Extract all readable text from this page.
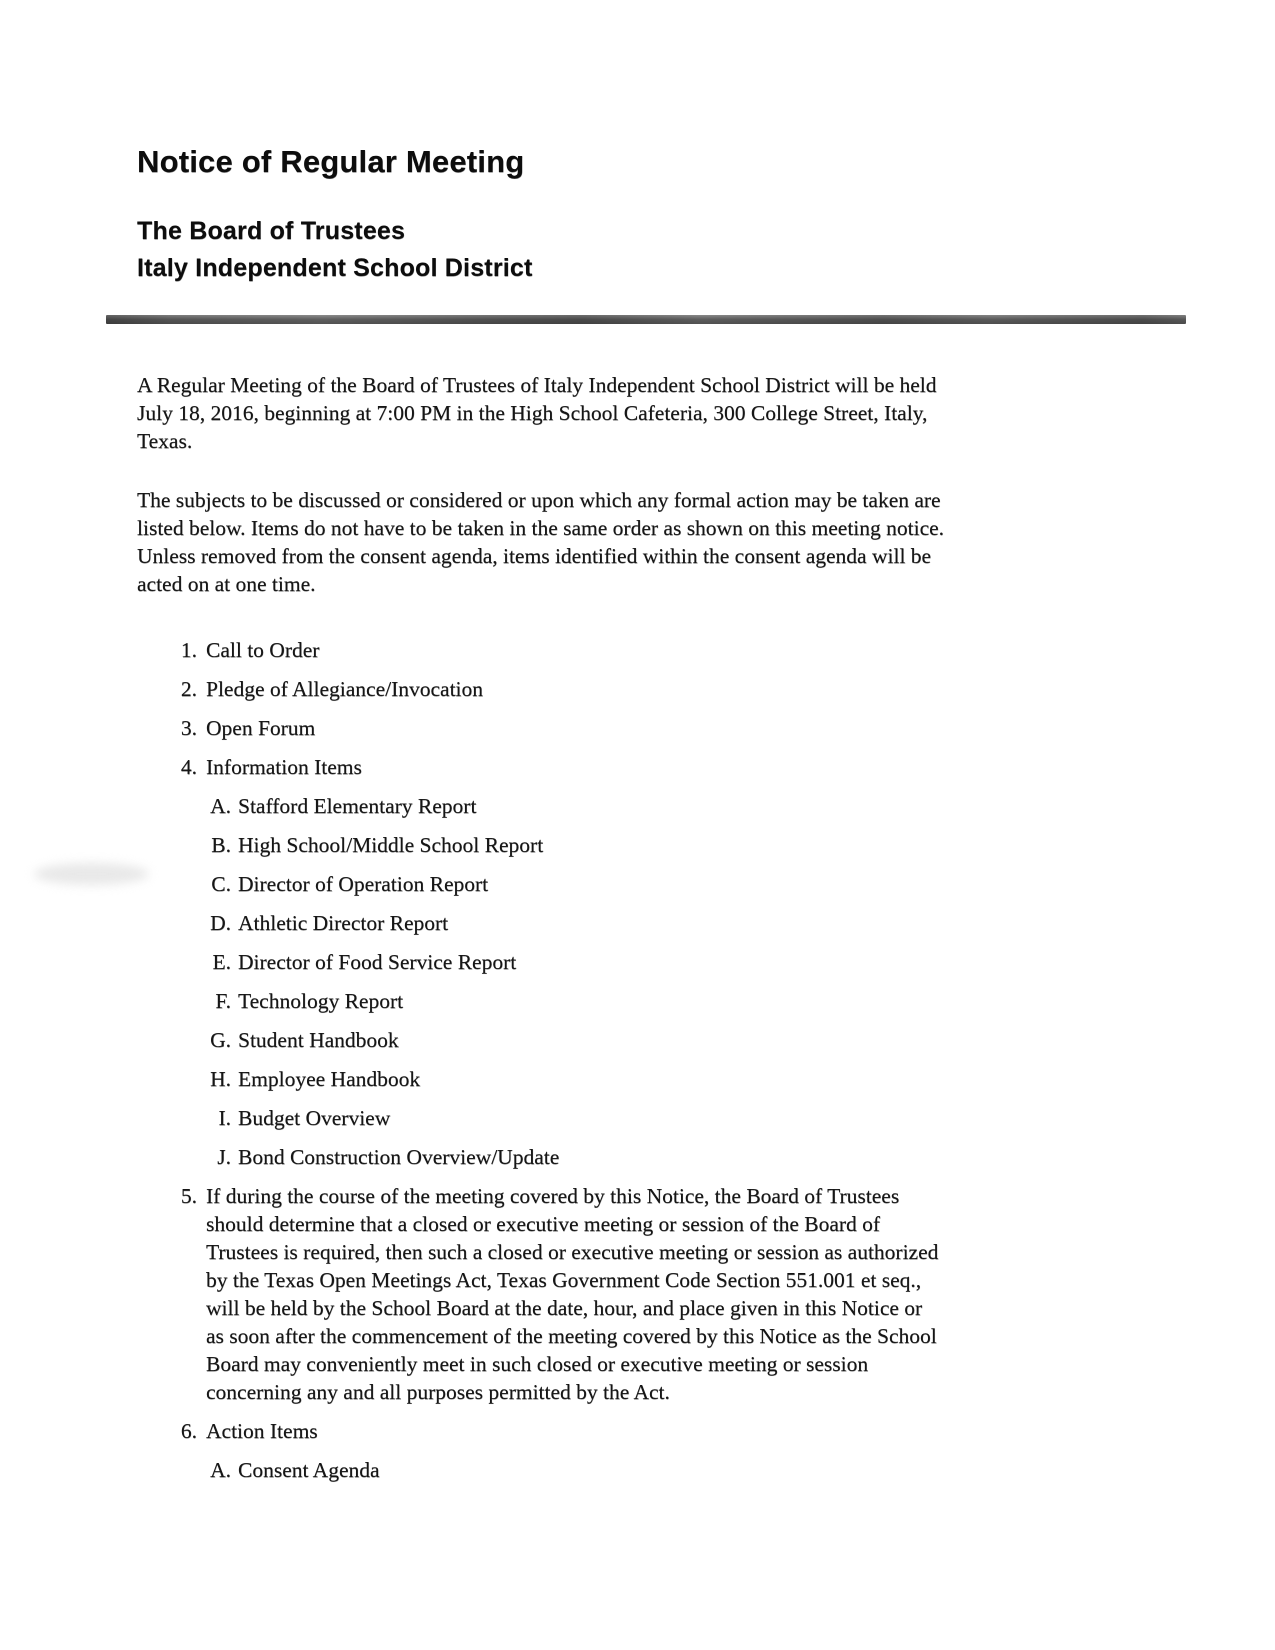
Notice of Regular Meeting
The Board of Trustees
Italy Independent School District

A Regular Meeting of the Board of Trustees of Italy Independent School District will be held
July 18, 2016, beginning at 7:00 PM in the High School Cafeteria, 300 College Street, Italy,
Texas.

The subjects to be discussed or considered or upon which any formal action may be taken are
listed below. Items do not have to be taken in the same order as shown on this meeting notice.
Unless removed from the consent agenda, items identified within the consent agenda will be
acted on at one time.

1. Call to Order
2. Pledge of Allegiance/Invocation
3. Open Forum
4. Information Items
A. Stafford Elementary Report
B. High School/Middle School Report
C. Director of Operation Report
D. Athletic Director Report
E. Director of Food Service Report
F. Technology Report
G. Student Handbook
H. Employee Handbook
I. Budget Overview
J. Bond Construction Overview/Update
5. If during the course of the meeting covered by this Notice, the Board of Trustees
should determine that a closed or executive meeting or session of the Board of
Trustees is required, then such a closed or executive meeting or session as authorized
by the Texas Open Meetings Act, Texas Government Code Section 551.001 et seq.,
will be held by the School Board at the date, hour, and place given in this Notice or
as soon after the commencement of the meeting covered by this Notice as the School
Board may conveniently meet in such closed or executive meeting or session
concerning any and all purposes permitted by the Act.
6. Action Items
A. Consent Agenda
